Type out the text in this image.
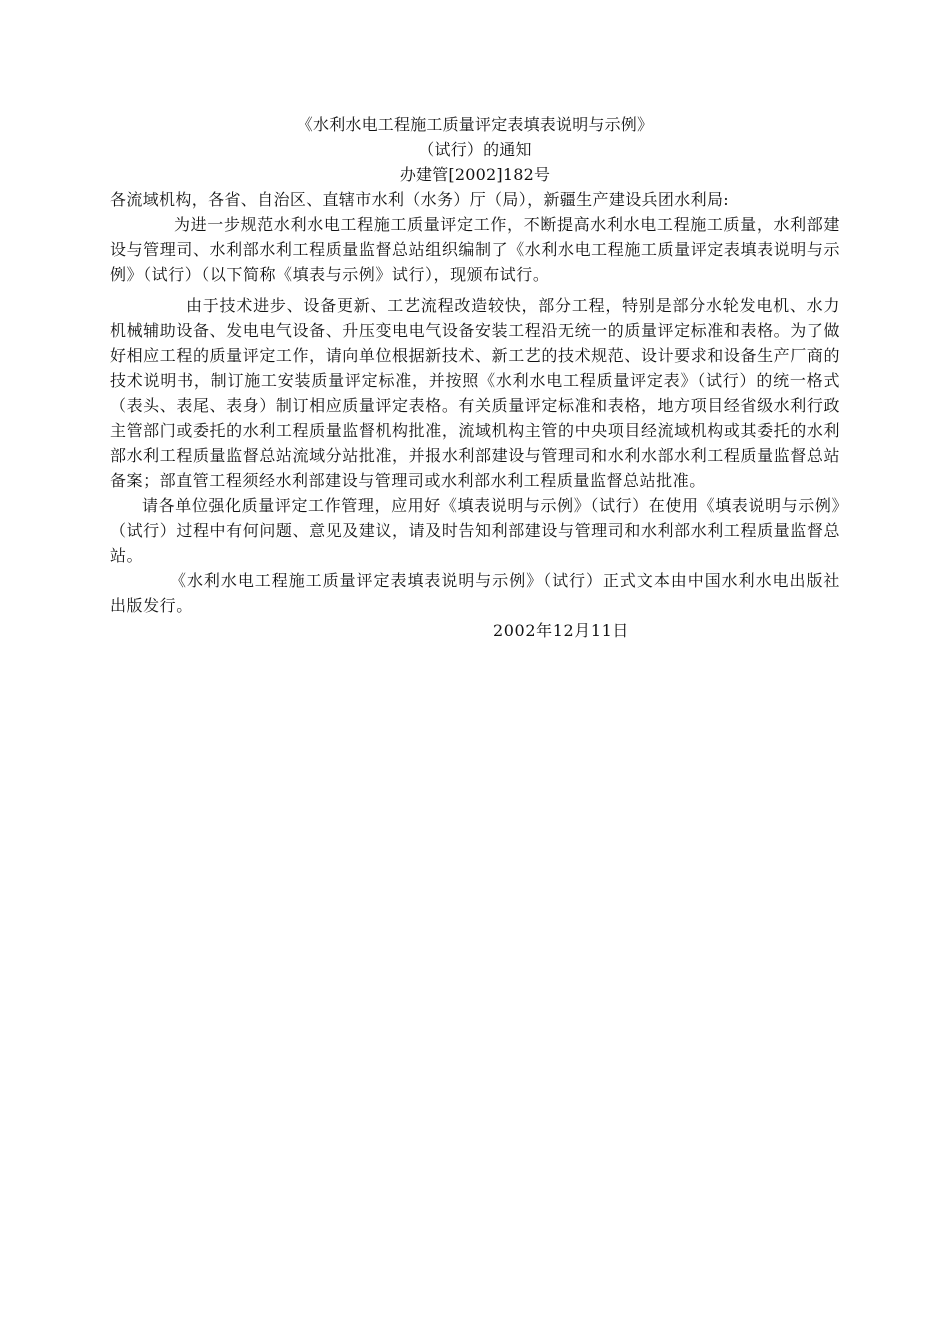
《水利水电工程施工质量评定表填表说明与示例》

（试行）的通知

办建管[2002]182号

各流域机构，各省、自治区、直辖市水利（水务）厅（局），新疆生产建设兵团水利局:

为进一步规范水利水电工程施工质量评定工作，不断提高水利水电工程施工质量，水利部建设与管理司、水利部水利工程质量监督总站组织编制了《水利水电工程施工质量评定表填表说明与示例》（试行）（以下简称《填表与示例》试行），现颁布试行。

由于技术进步、设备更新、工艺流程改造较快，部分工程，特别是部分水轮发电机、水力机械辅助设备、发电电气设备、升压变电电气设备安装工程沿无统一的质量评定标准和表格。为了做好相应工程的质量评定工作，请向单位根据新技术、新工艺的技术规范、设计要求和设备生产厂商的技术说明书，制订施工安装质量评定标准，并按照《水利水电工程质量评定表》（试行）的统一格式（表头、表尾、表身）制订相应质量评定表格。有关质量评定标准和表格，地方项目经省级水利行政主管部门或委托的水利工程质量监督机构批准，流域机构主管的中央项目经流域机构或其委托的水利部水利工程质量监督总站流域分站批准，并报水利部建设与管理司和水利水部水利工程质量监督总站备案；部直管工程须经水利部建设与管理司或水利部水利工程质量监督总站批准。

请各单位强化质量评定工作管理，应用好《填表说明与示例》（试行）在使用《填表说明与示例》（试行）过程中有何问题、意见及建议，请及时告知利部建设与管理司和水利部水利工程质量监督总站。

《水利水电工程施工质量评定表填表说明与示例》（试行）正式文本由中国水利水电出版社出版发行。

2002年12月11日
